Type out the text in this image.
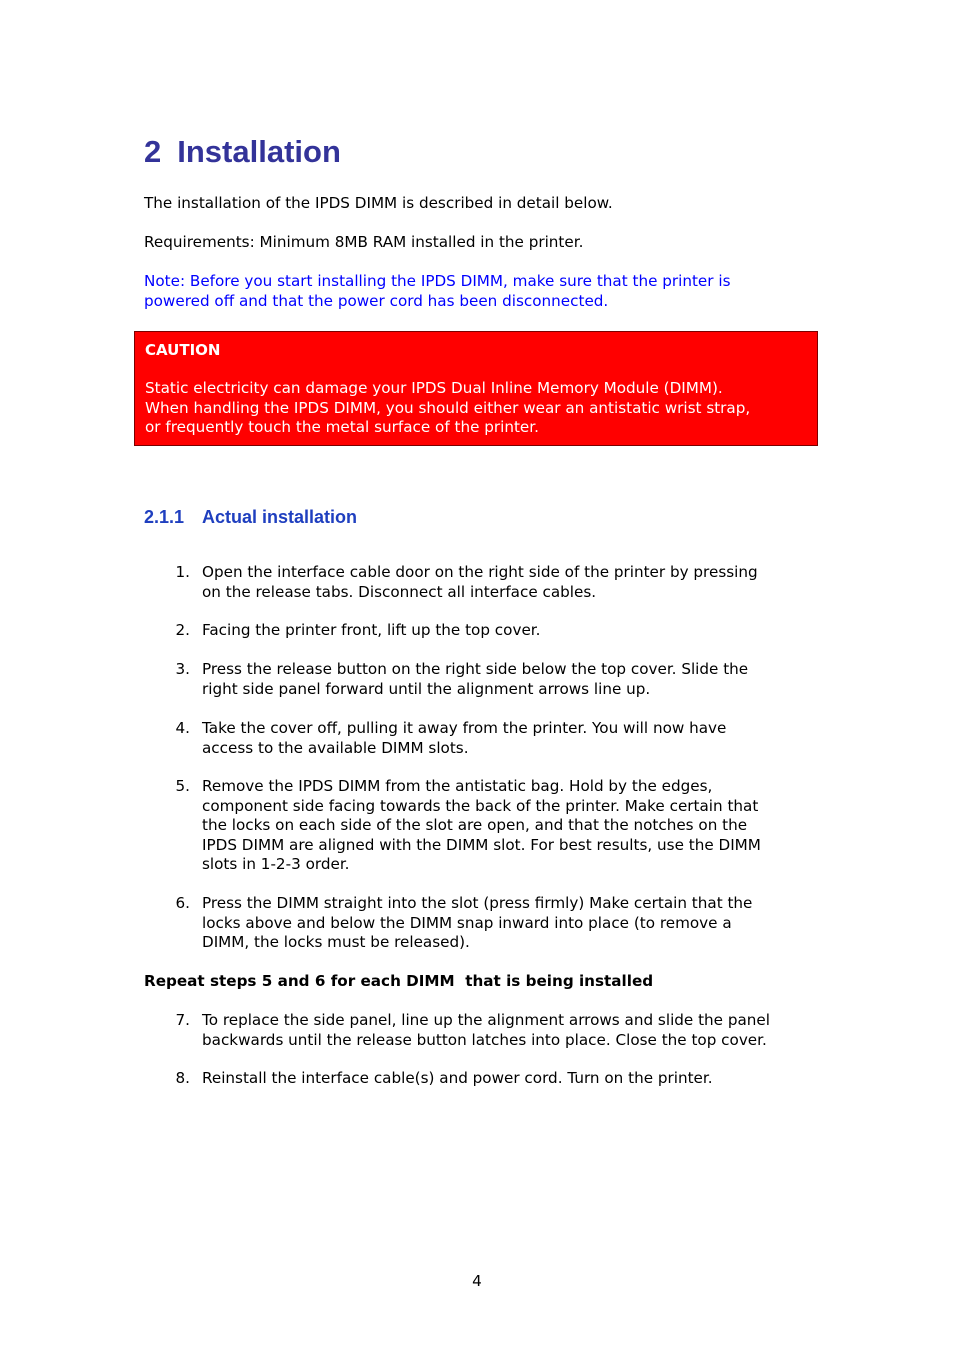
2 Installation

The installation of the IPDS DIMM is described in detail below.

Requirements: Minimum 8MB RAM installed in the printer.

Note: Before you start installing the IPDS DIMM, make sure that the printer is
powered off and that the power cord has been disconnected.

CAUTION

Static electricity can damage your IPDS Dual Inline Memory Module (DIMM).
When handling the IPDS DIMM, you should either wear an antistatic wrist strap,
or frequently touch the metal surface of the printer.
2.1.1 Actual installation
1. Open the interface cable door on the right side of the printer by pressing
on the release tabs. Disconnect all interface cables.
2. Facing the printer front, lift up the top cover.
3. Press the release button on the right side below the top cover. Slide the
right side panel forward until the alignment arrows line up.
4. Take the cover off, pulling it away from the printer. You will now have
access to the available DIMM slots.
5. Remove the IPDS DIMM from the antistatic bag. Hold by the edges,
component side facing towards the back of the printer. Make certain that
the locks on each side of the slot are open, and that the notches on the
IPDS DIMM are aligned with the DIMM slot. For best results, use the DIMM
slots in 1-2-3 order.
6. Press the DIMM straight into the slot (press firmly) Make certain that the
locks above and below the DIMM snap inward into place (to remove a
DIMM, the locks must be released).

Repeat steps 5 and 6 for each DIMM  that is being installed

7. To replace the side panel, line up the alignment arrows and slide the panel
backwards until the release button latches into place. Close the top cover.
8. Reinstall the interface cable(s) and power cord. Turn on the printer.

4
